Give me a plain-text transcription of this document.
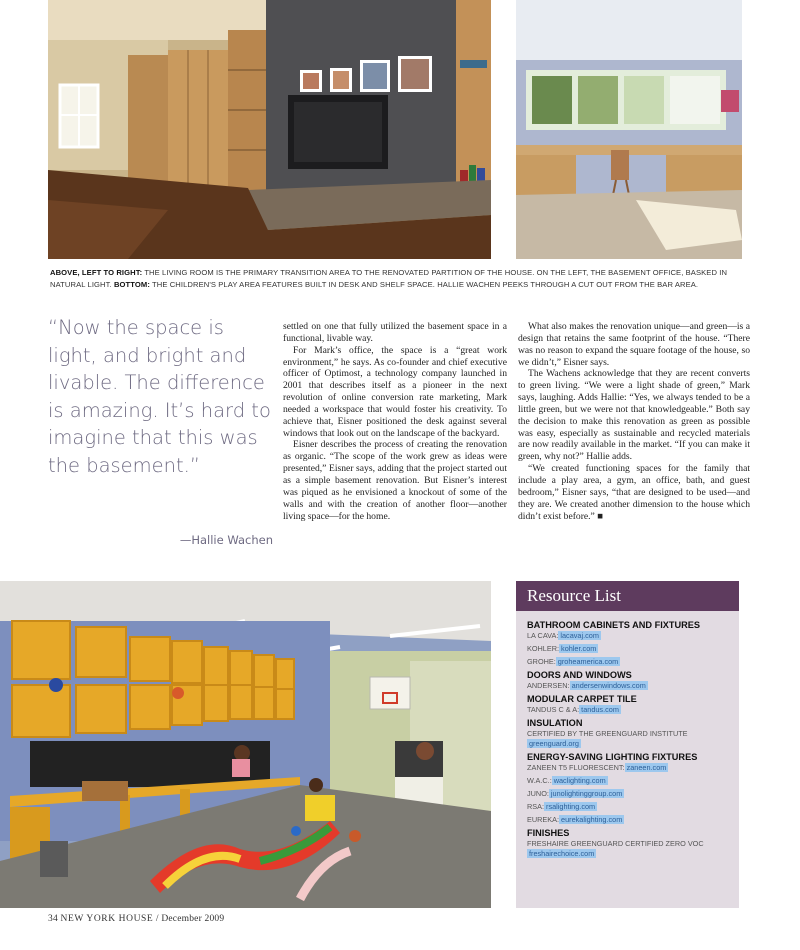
ABOVE, LEFT TO RIGHT: THE LIVING ROOM IS THE PRIMARY TRANSITION AREA TO THE RENOVATED PARTITION OF THE HOUSE. ON THE LEFT, THE BASEMENT OFFICE, BASKED IN NATURAL LIGHT. BOTTOM: THE CHILDREN'S PLAY AREA FEATURES BUILT IN DESK AND SHELF SPACE. HALLIE WACHEN PEEKS THROUGH A CUT OUT FROM THE BAR AREA.
“Now the space is light, and bright and livable. The difference is amazing. It’s hard to imagine that this was the basement.”
—Hallie Wachen

settled on one that fully utilized the basement space in a functional, livable way.

For Mark’s office, the space is a “great work environment,” he says. As co-founder and chief executive officer of Optimost, a technology company launched in 2001 that describes itself as a pioneer in the next revolution of online conversion rate marketing, Mark needed a workspace that would foster his creativity. To achieve that, Eisner positioned the desk against several windows that look out on the landscape of the backyard.

Eisner describes the process of creating the renovation as organic. “The scope of the work grew as ideas were presented,” Eisner says, adding that the project started out as a simple basement renovation. But Eisner’s interest was piqued as he envisioned a knockout of some of the walls and with the creation of another floor—another living space—for the home.

What also makes the renovation unique—and green—is a design that retains the same footprint of the house. “There was no reason to expand the square footage of the house, so we didn’t,” Eisner says.

The Wachens acknowledge that they are recent converts to green living. “We were a light shade of green,” Mark says, laughing. Adds Hallie: “Yes, we always tended to be a little green, but we were not that knowledgeable.” Both say the decision to make this renovation as green as possible was easy, especially as sustainable and recycled materials are now readily available in the market. “If you can make it green, why not?” Hallie adds.

“We created functioning spaces for the family that include a play area, a gym, an office, bath, and guest bedroom,” Eisner says, “that are designed to be used—and they are. We created another dimension to the house which didn’t exist before.” ■

Resource List
BATHROOM CABINETS AND FIXTURES
LA CAVA: lacavaj.com
KOHLER: kohler.com
GROHE: groheamerica.com
DOORS AND WINDOWS
ANDERSEN: andersenwindows.com
MODULAR CARPET TILE
TANDUS C & A: tandus.com
INSULATION
CERTIFIED BY THE GREENGUARD INSTITUTE
greenguard.org
ENERGY-SAVING LIGHTING FIXTURES
ZANEEN T5 FLUORESCENT: zaneen.com
W.A.C.: waclighting.com
JUNO: junolightinggroup.com
RSA: rsalighting.com
EUREKA: eurekalighting.com
FINISHES
FRESHAIRE GREENGUARD CERTIFIED ZERO VOC
freshairechoice.com
34 NEW YORK HOUSE / December 2009
